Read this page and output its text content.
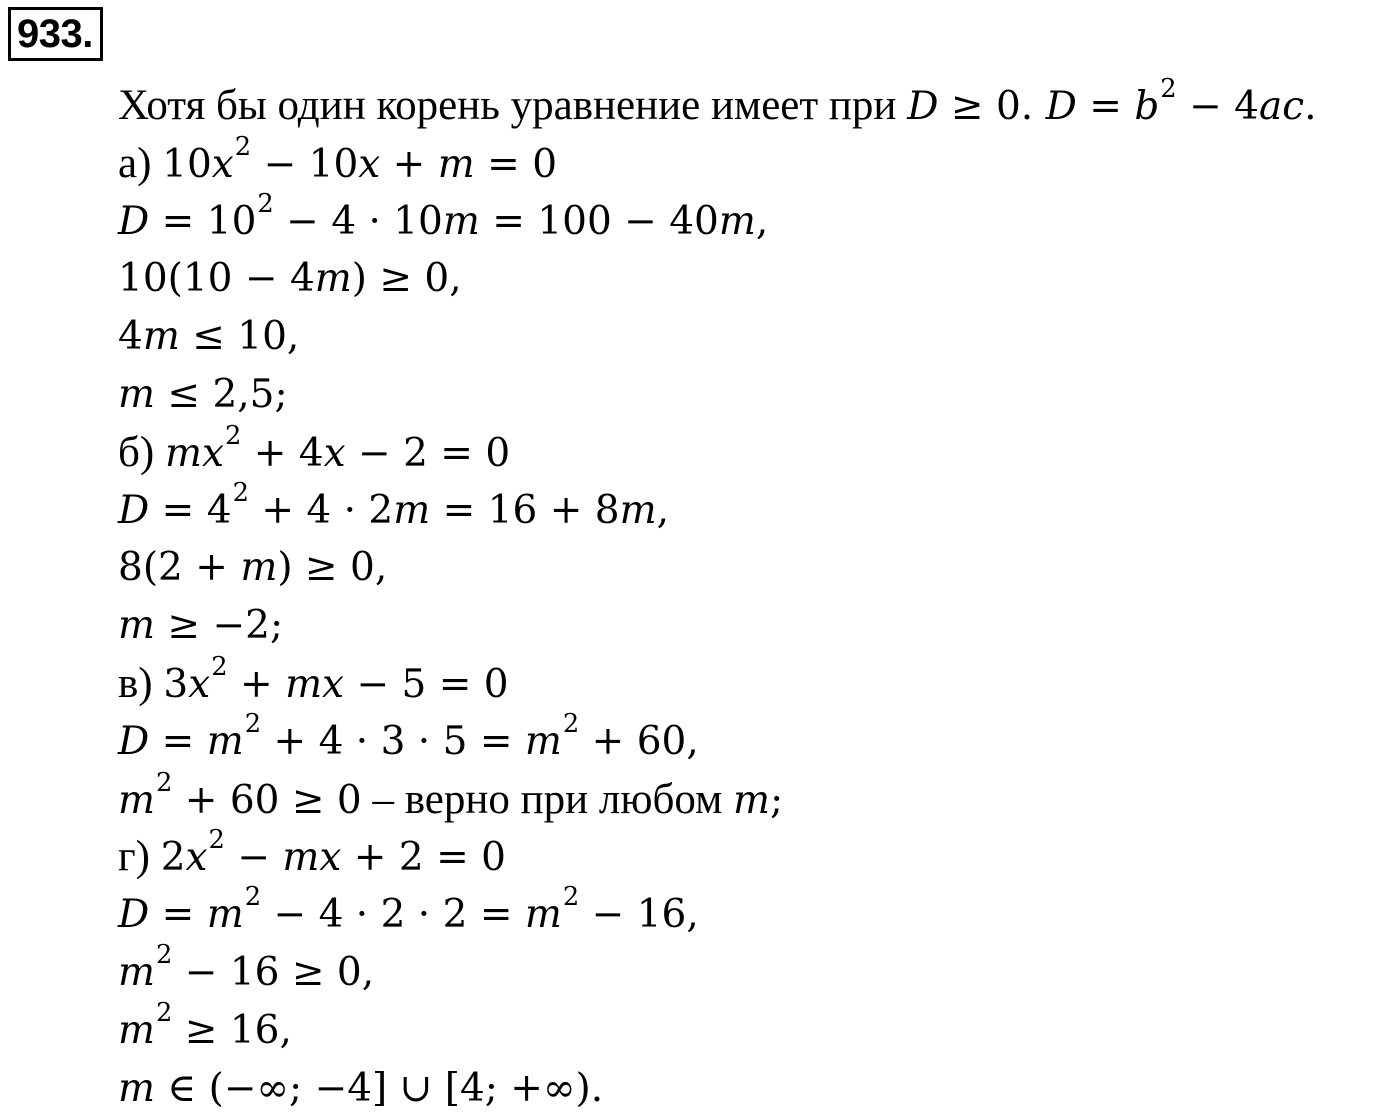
933.
Хотя бы один корень уравнение имеет при D ≥ 0. $D = b^2 - 4ac$.
а) $10x^2 - 10x + m = 0$
$D = 10^2 - 4 \cdot 10m = 100 - 40m$,
10(10 − 4m) ≥ 0,
4m ≤ 10,
m ≤ 2,5;
б) $mx^2 + 4x - 2 = 0$
$D = 4^2 + 4 \cdot 2m = 16 + 8m$,
8(2 + m) ≥ 0,
m ≥ −2;
в) $3x^2$ + mx − 5 = 0
$D = m^2 + 4 \cdot 3 \cdot 5 = m^2 + 60$,
$m^2 + 60 \ge 0$ – верно при любом m;
г) $2x^2$ − mx + 2 = 0
$D = m^2 - 4 \cdot 2 \cdot 2 = m^2 - 16$,
$m^2 - 16 \ge 0$,
$m^2 \ge 16$,
m ∈ (−∞; −4] ∪ [4; +∞).
